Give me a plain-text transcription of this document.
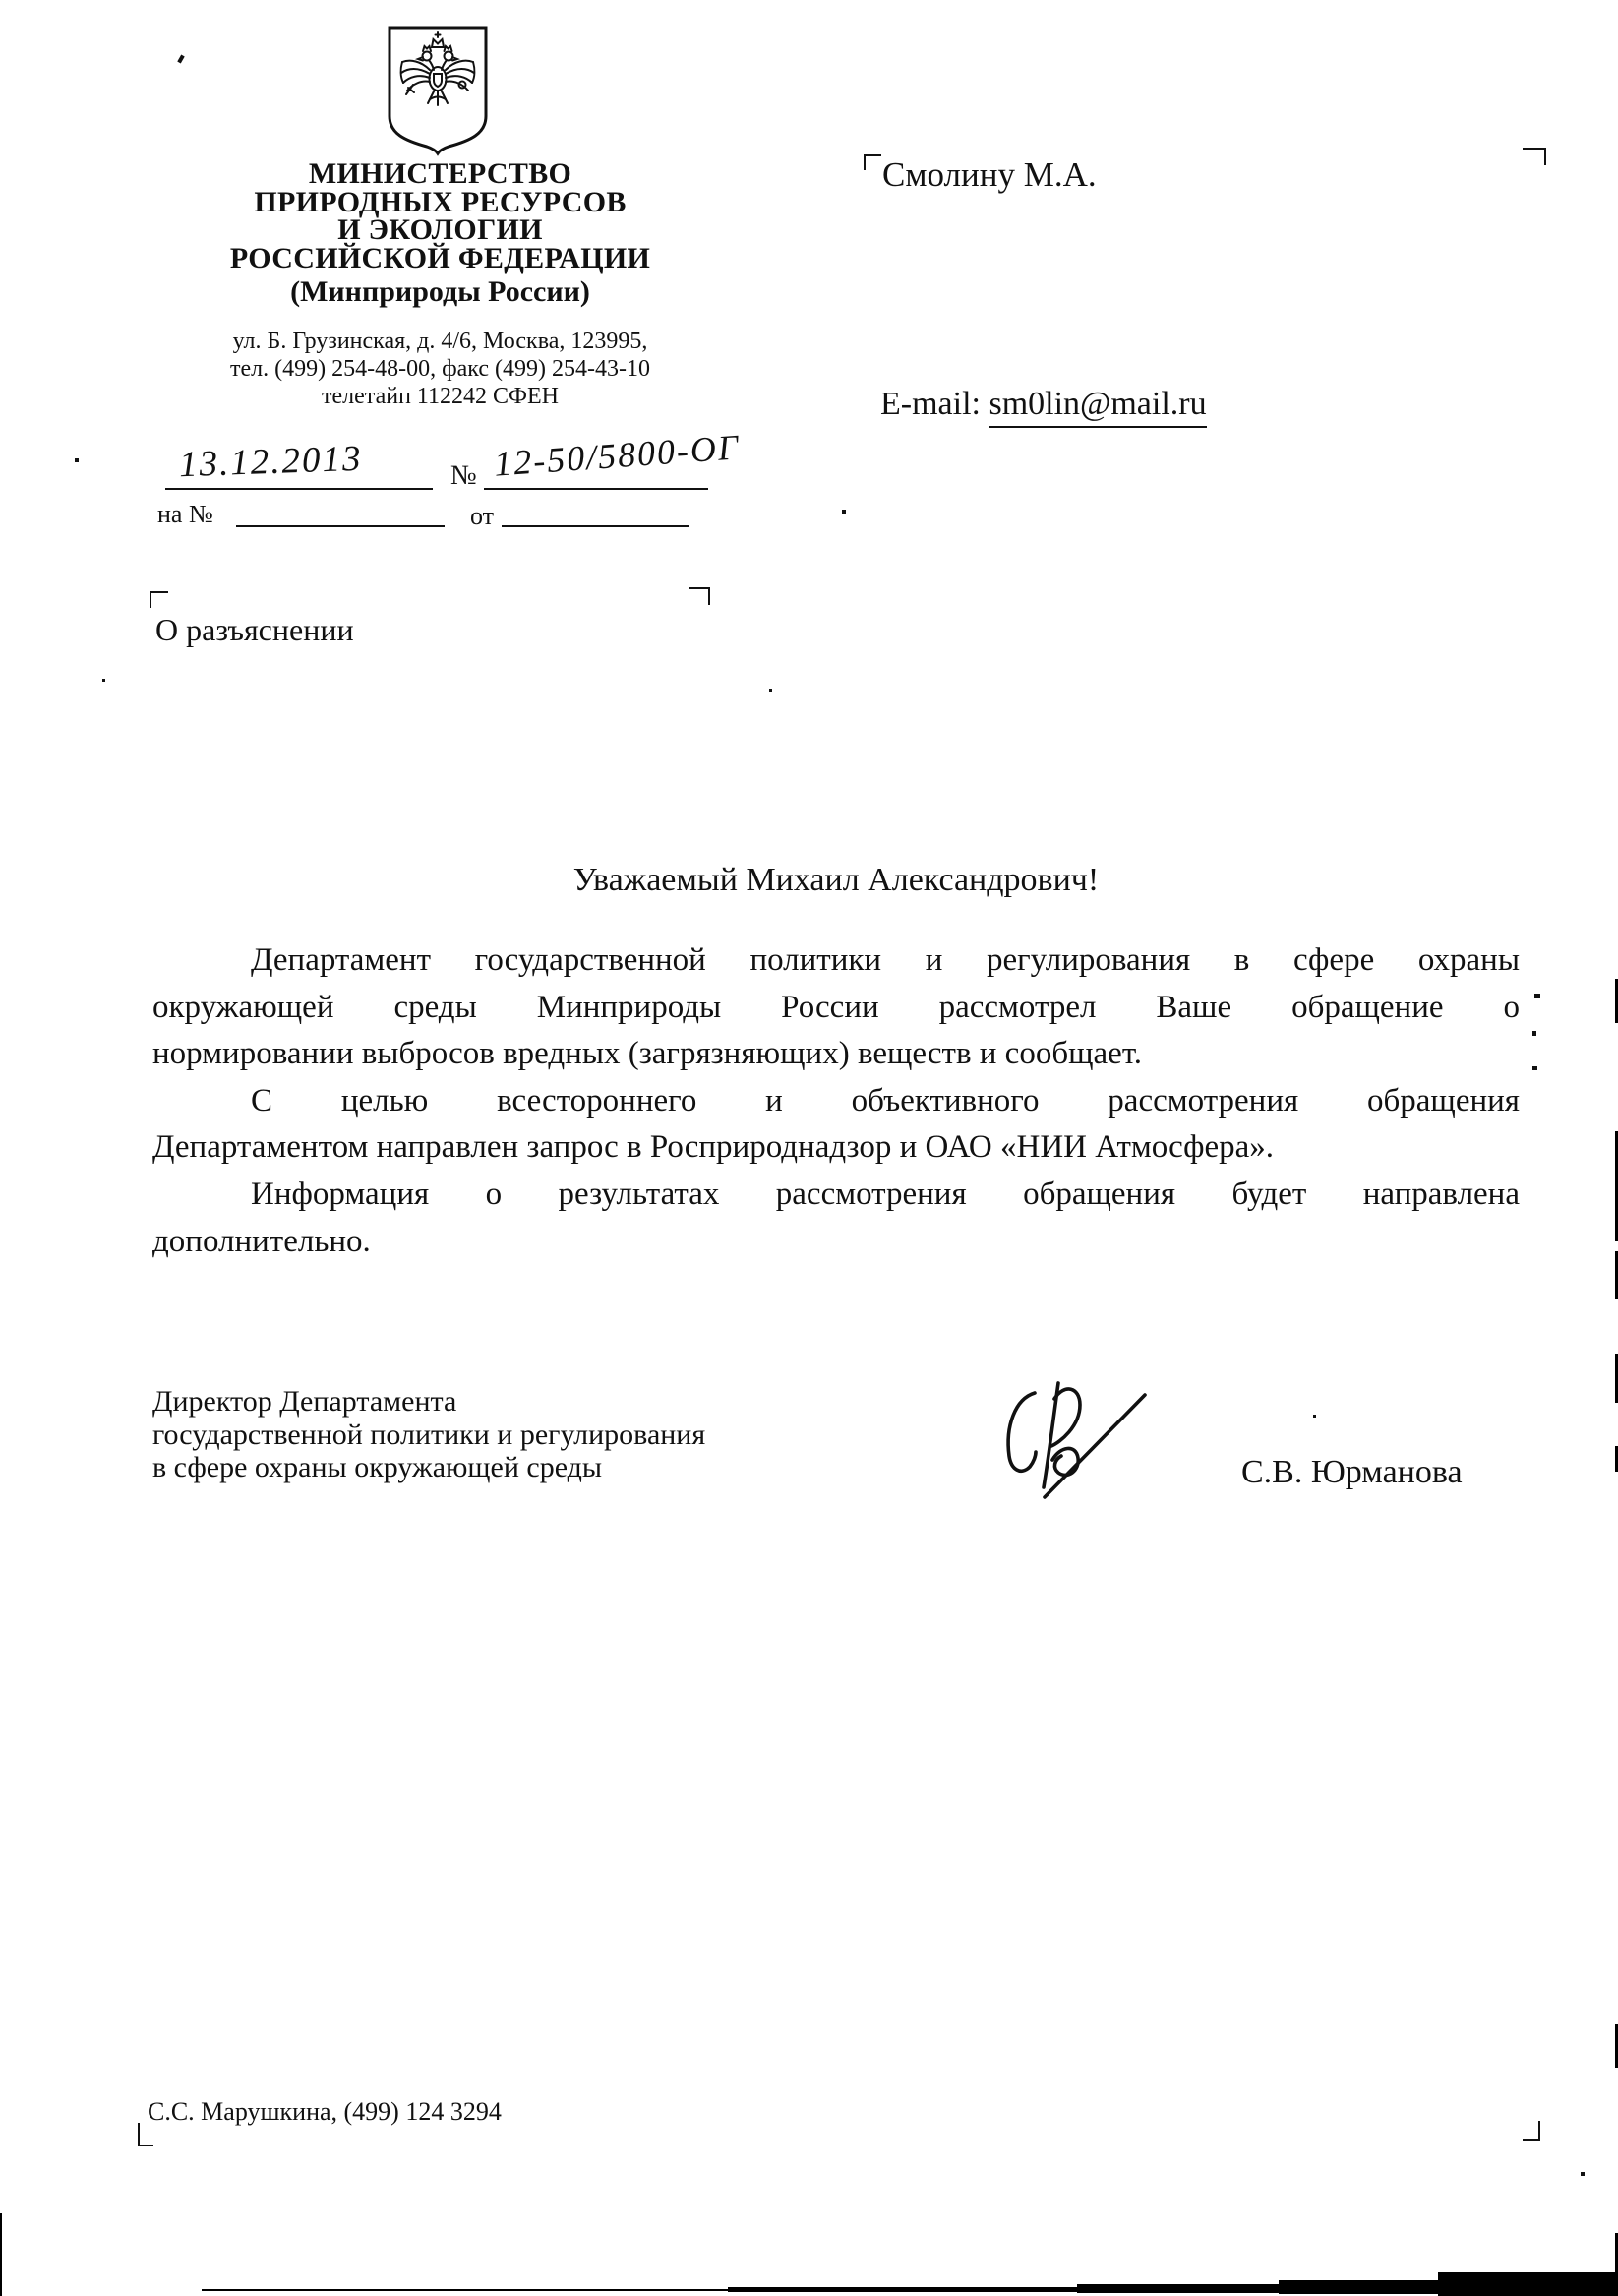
МИНИСТЕРСТВО
ПРИРОДНЫХ РЕСУРСОВ
И ЭКОЛОГИИ
РОССИЙСКОЙ ФЕДЕРАЦИИ
(Минприроды России)
ул. Б. Грузинская, д. 4/6, Москва, 123995,
тел. (499) 254-48-00, факс (499) 254-43-10
телетайп 112242 СФЕН
13.12.2013	№ 12-50/5800-ОГ
на №	от
Смолину М.А.
E-mail: sm0lin@mail.ru
О разъяснении
Уважаемый Михаил Александрович!
Департамент государственной политики и регулирования в сфере охраны
окружающей среды Минприроды России рассмотрел Ваше обращение о
нормировании выбросов вредных (загрязняющих) веществ и сообщает.
С целью всестороннего и объективного рассмотрения обращения
Департаментом направлен запрос в Росприроднадзор и ОАО «НИИ Атмосфера».
Информация о результатах рассмотрения обращения будет направлена
дополнительно.
Директор Департамента
государственной политики и регулирования
в сфере охраны окружающей среды	С.В. Юрманова
С.С. Марушкина, (499) 124 3294
